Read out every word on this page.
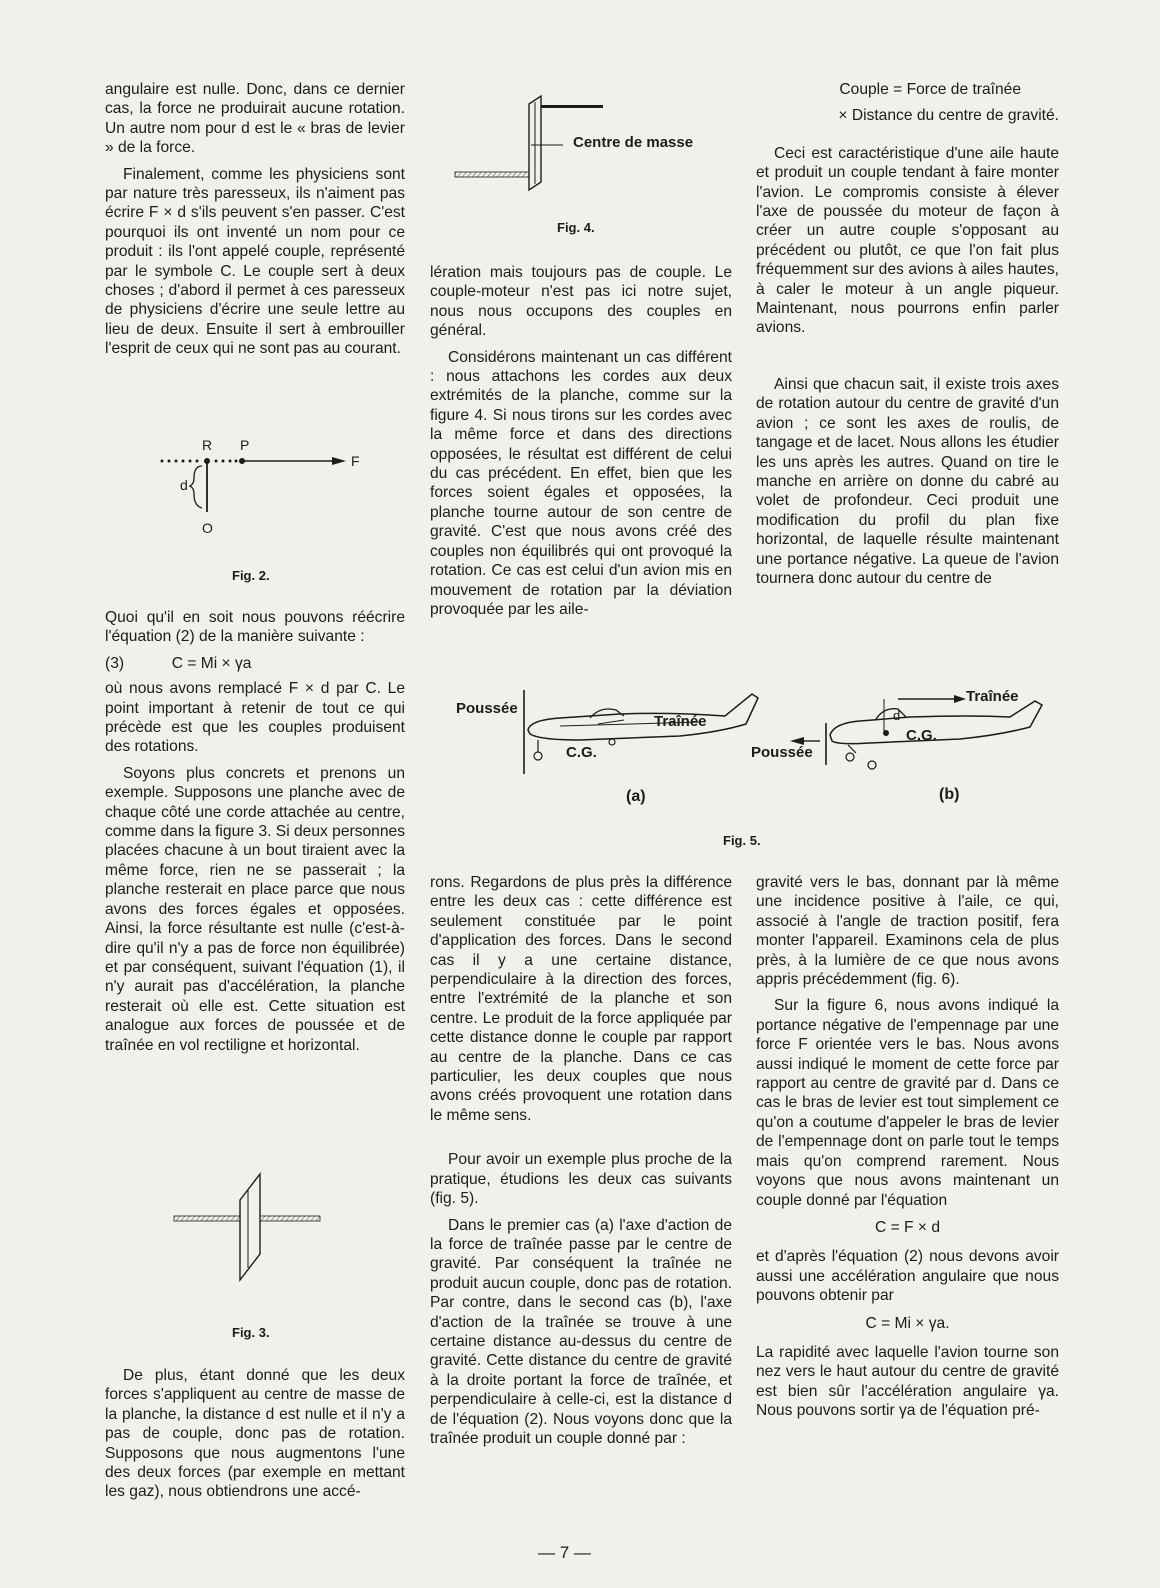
angulaire est nulle. Donc, dans ce dernier cas, la force ne produirait aucune rotation. Un autre nom pour d est le « bras de levier » de la force.

Finalement, comme les physiciens sont par nature très paresseux, ils n'aiment pas écrire F × d s'ils peuvent s'en passer. C'est pourquoi ils ont inventé un nom pour ce produit : ils l'ont appelé couple, représenté par le symbole C. Le couple sert à deux choses ; d'abord il permet à ces paresseux de physiciens d'écrire une seule lettre au lieu de deux. Ensuite il sert à embrouiller l'esprit de ceux qui ne sont pas au courant.

R P
F
d
O
Fig. 2.

Quoi qu'il en soit nous pouvons réécrire l'équation (2) de la manière suivante :

(3)	C = Mi × γa

où nous avons remplacé F × d par C. Le point important à retenir de tout ce qui précède est que les couples produisent des rotations.

Soyons plus concrets et prenons un exemple. Supposons une planche avec de chaque côté une corde attachée au centre, comme dans la figure 3. Si deux personnes placées chacune à un bout tiraient avec la même force, rien ne se passerait ; la planche resterait en place parce que nous avons des forces égales et opposées. Ainsi, la force résultante est nulle (c'est-à-dire qu'il n'y a pas de force non équilibrée) et par conséquent, suivant l'équation (1), il n'y aurait pas d'accélération, la planche resterait où elle est. Cette situation est analogue aux forces de poussée et de traînée en vol rectiligne et horizontal.

Fig. 3.

De plus, étant donné que les deux forces s'appliquent au centre de masse de la planche, la distance d est nulle et il n'y a pas de couple, donc pas de rotation. Supposons que nous augmentons l'une des deux forces (par exemple en mettant les gaz), nous obtiendrons une accé-

Centre de masse
Fig. 4.

lération mais toujours pas de couple. Le couple-moteur n'est pas ici notre sujet, nous nous occupons des couples en général.

Considérons maintenant un cas différent : nous attachons les cordes aux deux extrémités de la planche, comme sur la figure 4. Si nous tirons sur les cordes avec la même force et dans des directions opposées, le résultat est différent de celui du cas précédent. En effet, bien que les forces soient égales et opposées, la planche tourne autour de son centre de gravité. C'est que nous avons créé des couples non équilibrés qui ont provoqué la rotation. Ce cas est celui d'un avion mis en mouvement de rotation par la déviation provoquée par les aile-

rons. Regardons de plus près la différence entre les deux cas : cette différence est seulement constituée par le point d'application des forces. Dans le second cas il y a une certaine distance, perpendiculaire à la direction des forces, entre l'extrémité de la planche et son centre. Le produit de la force appliquée par cette distance donne le couple par rapport au centre de la planche. Dans ce cas particulier, les deux couples que nous avons créés provoquent une rotation dans le même sens.

Pour avoir un exemple plus proche de la pratique, étudions les deux cas suivants (fig. 5).

Dans le premier cas (a) l'axe d'action de la force de traînée passe par le centre de gravité. Par conséquent la traînée ne produit aucun couple, donc pas de rotation. Par contre, dans le second cas (b), l'axe d'action de la traînée se trouve à une certaine distance au-dessus du centre de gravité. Cette distance du centre de gravité à la droite portant la force de traînée, et perpendiculaire à celle-ci, est la distance d de l'équation (2). Nous voyons donc que la traînée produit un couple donné par :

Poussée
Traînée
C.G.
(a)
Traînée
d
C.G.
Poussée
(b)
Fig. 5.

Couple = Force de traînée

× Distance du centre de gravité.

Ceci est caractéristique d'une aile haute et produit un couple tendant à faire monter l'avion. Le compromis consiste à élever l'axe de poussée du moteur de façon à créer un autre couple s'opposant au précédent ou plutôt, ce que l'on fait plus fréquemment sur des avions à ailes hautes, à caler le moteur à un angle piqueur. Maintenant, nous pourrons enfin parler avions.

Ainsi que chacun sait, il existe trois axes de rotation autour du centre de gravité d'un avion ; ce sont les axes de roulis, de tangage et de lacet. Nous allons les étudier les uns après les autres. Quand on tire le manche en arrière on donne du cabré au volet de profondeur. Ceci produit une modification du profil du plan fixe horizontal, de laquelle résulte maintenant une portance négative. La queue de l'avion tournera donc autour du centre de

gravité vers le bas, donnant par là même une incidence positive à l'aile, ce qui, associé à l'angle de traction positif, fera monter l'appareil. Examinons cela de plus près, à la lumière de ce que nous avons appris précédemment (fig. 6).

Sur la figure 6, nous avons indiqué la portance négative de l'empennage par une force F orientée vers le bas. Nous avons aussi indiqué le moment de cette force par rapport au centre de gravité par d. Dans ce cas le bras de levier est tout simplement ce qu'on a coutume d'appeler le bras de levier de l'empennage dont on parle tout le temps mais qu'on comprend rarement. Nous voyons que nous avons maintenant un couple donné par l'équation

C = F × d

et d'après l'équation (2) nous devons avoir aussi une accélération angulaire que nous pouvons obtenir par

C = Mi × γa.

La rapidité avec laquelle l'avion tourne son nez vers le haut autour du centre de gravité est bien sûr l'accélération angulaire γa. Nous pouvons sortir γa de l'équation pré-

— 7 —
